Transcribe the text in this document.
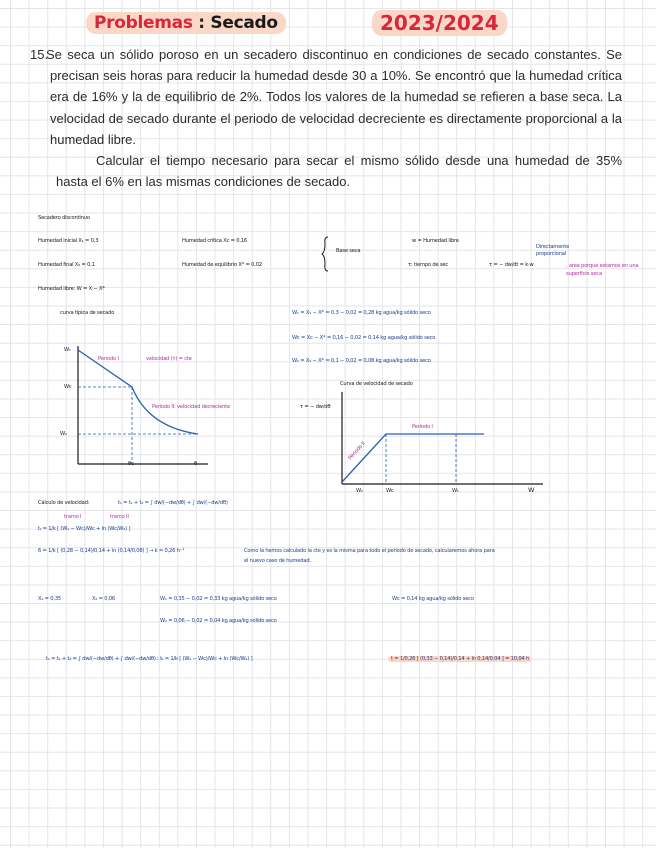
Problemas : Secado	2023/2024
15.
Se seca un sólido poroso en un secadero discontinuo en condiciones de secado constantes. Se precisan seis horas para reducir la humedad desde 30 a 10%. Se encontró que la humedad crítica era de 16% y la de equilibrio de 2%. Todos los valores de la humedad se refieren a base seca. La velocidad de secado durante el periodo de velocidad decreciente es directamente proporcional a la humedad libre.
Calcular el tiempo necesario para secar el mismo sólido desde una humedad de 35% hasta el 6% en las mismas condiciones de secado.
Secadero discontinuo
Humedad inicial X₁ = 0,3
Humedad final X₂ = 0,1
Humedad crítica Xc = 0,16
Humedad de equilibrio X* = 0,02
Base seca
w = Humedad libre
τ: tiempo de sec	τ = − dw/dt = k·w
Directamente proporcional
, area porque estamos en una superficie seca
Humedad libre: W = X − X*
curva típica de secado	W₁ = X₁ − X* = 0,3 − 0,02 = 0,28 kg agua/kg sólido seco
Wc = Xc − X* = 0,16 − 0,02 = 0,14 kg agua/kg sólido seco
W₂ = X₂ − X* = 0,1 − 0,02 = 0,08 kg agua/kg sólido seco
Curva de velocidad de secado
W₁
Wc
W₂
θc	θ
Periodo I	velocidad (τ) = cte
Periodo II: velocidad decreciente	τ = − dw/dθ
Periodo II
Periodo I
W₂	Wc	W₁	W
Cálculo de velocidad:	t₁ = t₁ + t₂ = ∫ dw/(−dw/dθ) + ∫ dw/(−dw/dθ)
tramo I	tramo II
tₜ = 1/k [ (W₁ − Wc)/Wc + ln (Wc/W₂) ]
6 = 1/k [ (0,28 − 0,14)/0,14 + ln (0,14/0,08) ] → k = 0,26 h⁻¹	Como la hemos calculado la cte y es la misma para todo el periodo de secado, calcularemos ahora para
el nuevo caso de humedad.
X₁ = 0,35	X₂ = 0,06	W₁ = 0,35 − 0,02 = 0,33 kg agua/kg sólido seco	Wc = 0,14 kg agua/kg sólido seco
W₂ = 0,06 − 0,02 = 0,04 kg agua/kg sólido seco
t₁ = t₁ + t₂ = ∫ dw/(−dw/dθ) + ∫ dw/(−dw/dθ) ; tₜ = 1/k [ (W₁ − Wc)/Wc + ln (Wc/W₂) ]	t = 1/0,26 [ (0,33 − 0,14)/0,14 + ln 0,14/0,04 ] = 10,04 h
